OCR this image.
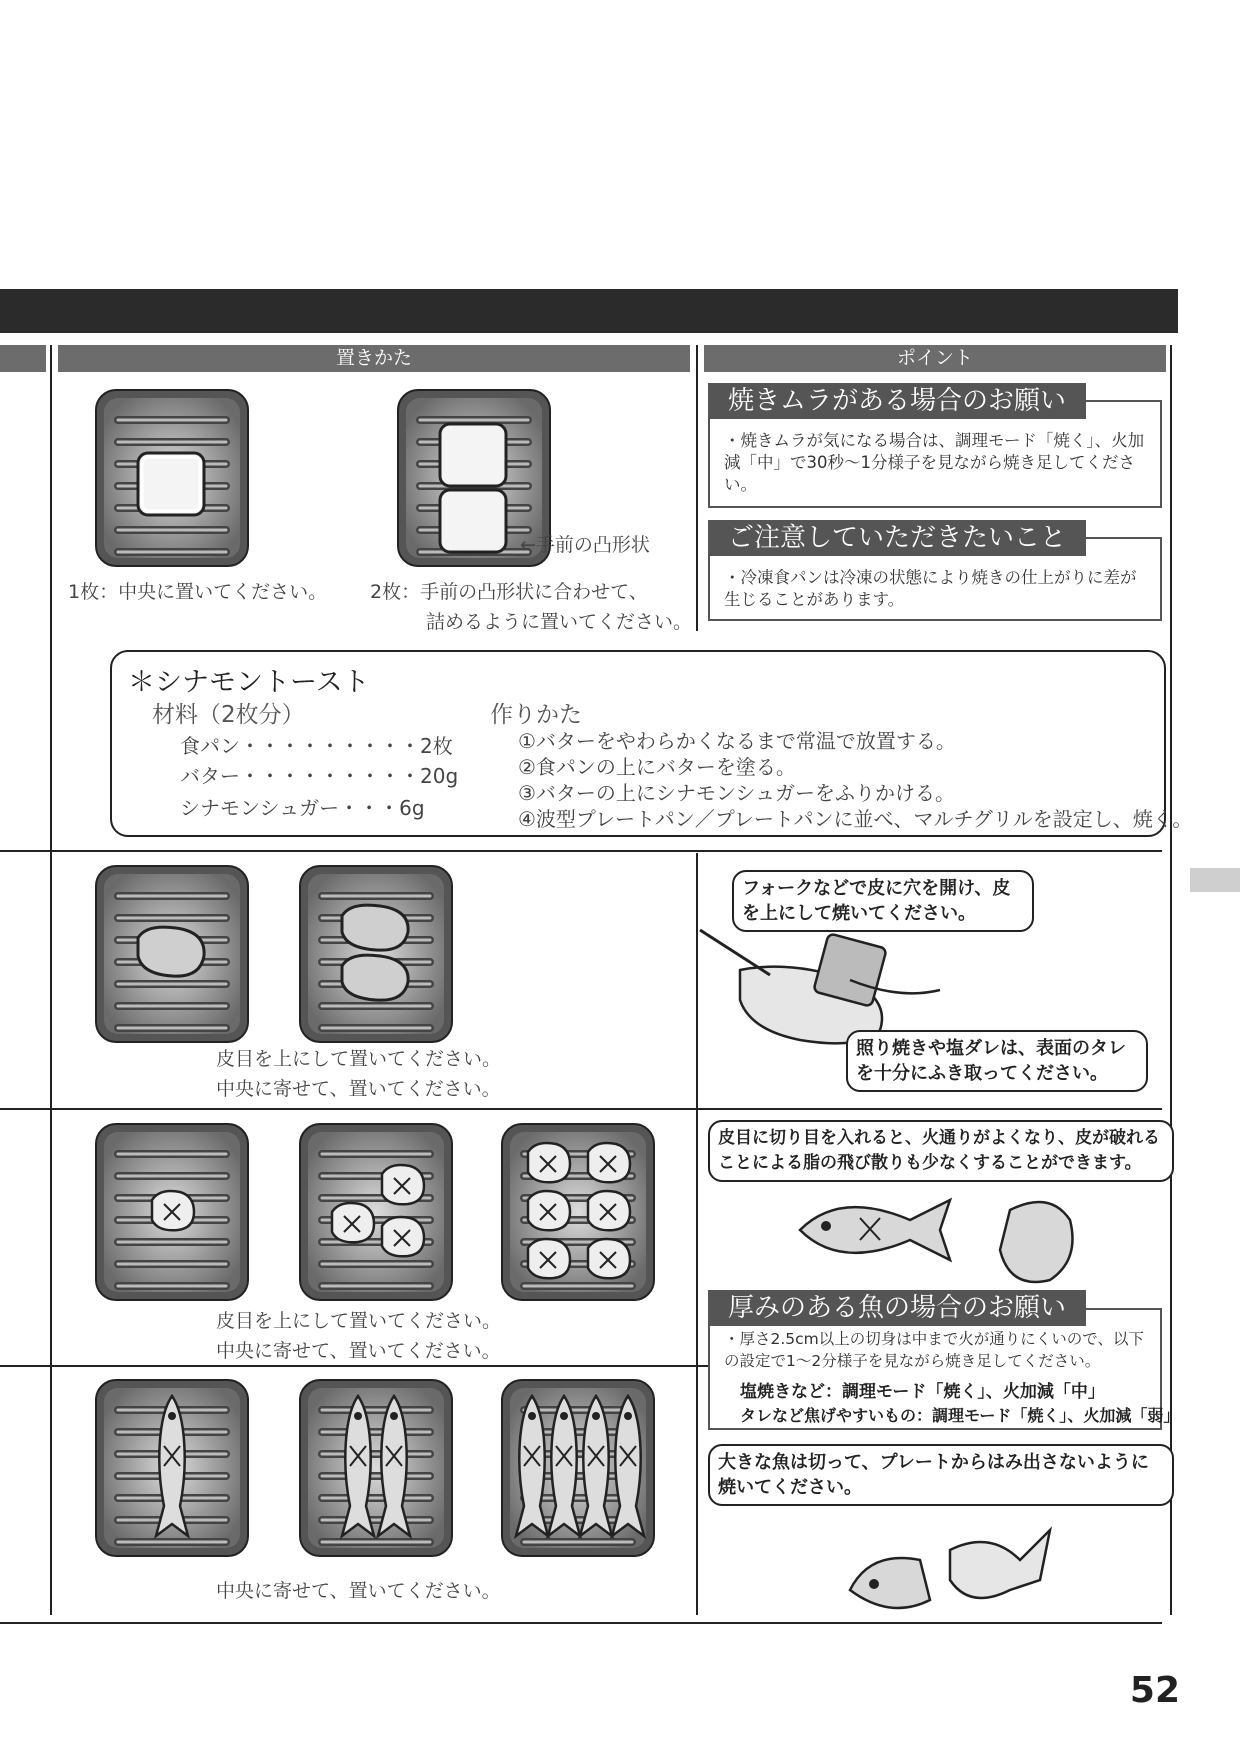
置きかた	ポイント
←手前の凸形状
1枚：中央に置いてください。 2枚：手前の凸形状に合わせて、
詰めるように置いてください。
焼きムラがある場合のお願い
・焼きムラが気になる場合は、調理モード「焼く」、火加減「中」で30秒〜1分様子を見ながら焼き足してください。
ご注意していただきたいこと
・冷凍食パンは冷凍の状態により焼きの仕上がりに差が生じることがあります。
＊シナモントースト
材料（2枚分）	作りかた
食パン・・・・・・・・・2枚
バター・・・・・・・・・20g
シナモンシュガー・・・6g
①バターをやわらかくなるまで常温で放置する。
②食パンの上にバターを塗る。
③バターの上にシナモンシュガーをふりかける。
④波型プレートパン／プレートパンに並べ、マルチグリルを設定し、焼く。
皮目を上にして置いてください。
中央に寄せて、置いてください。
フォークなどで皮に穴を開け、皮を上にして焼いてください。
照り焼きや塩ダレは、表面のタレを十分にふき取ってください。
皮目に切り目を入れると、火通りがよくなり、皮が破れることによる脂の飛び散りも少なくすることができます。
皮目を上にして置いてください。
中央に寄せて、置いてください。
厚みのある魚の場合のお願い
・厚さ2.5cm以上の切身は中まで火が通りにくいので、以下の設定で1〜2分様子を見ながら焼き足してください。
塩焼きなど：調理モード「焼く」、火加減「中」
タレなど焦げやすいもの：調理モード「焼く」、火加減「弱」
中央に寄せて、置いてください。
大きな魚は切って、プレートからはみ出さないように焼いてください。
52
